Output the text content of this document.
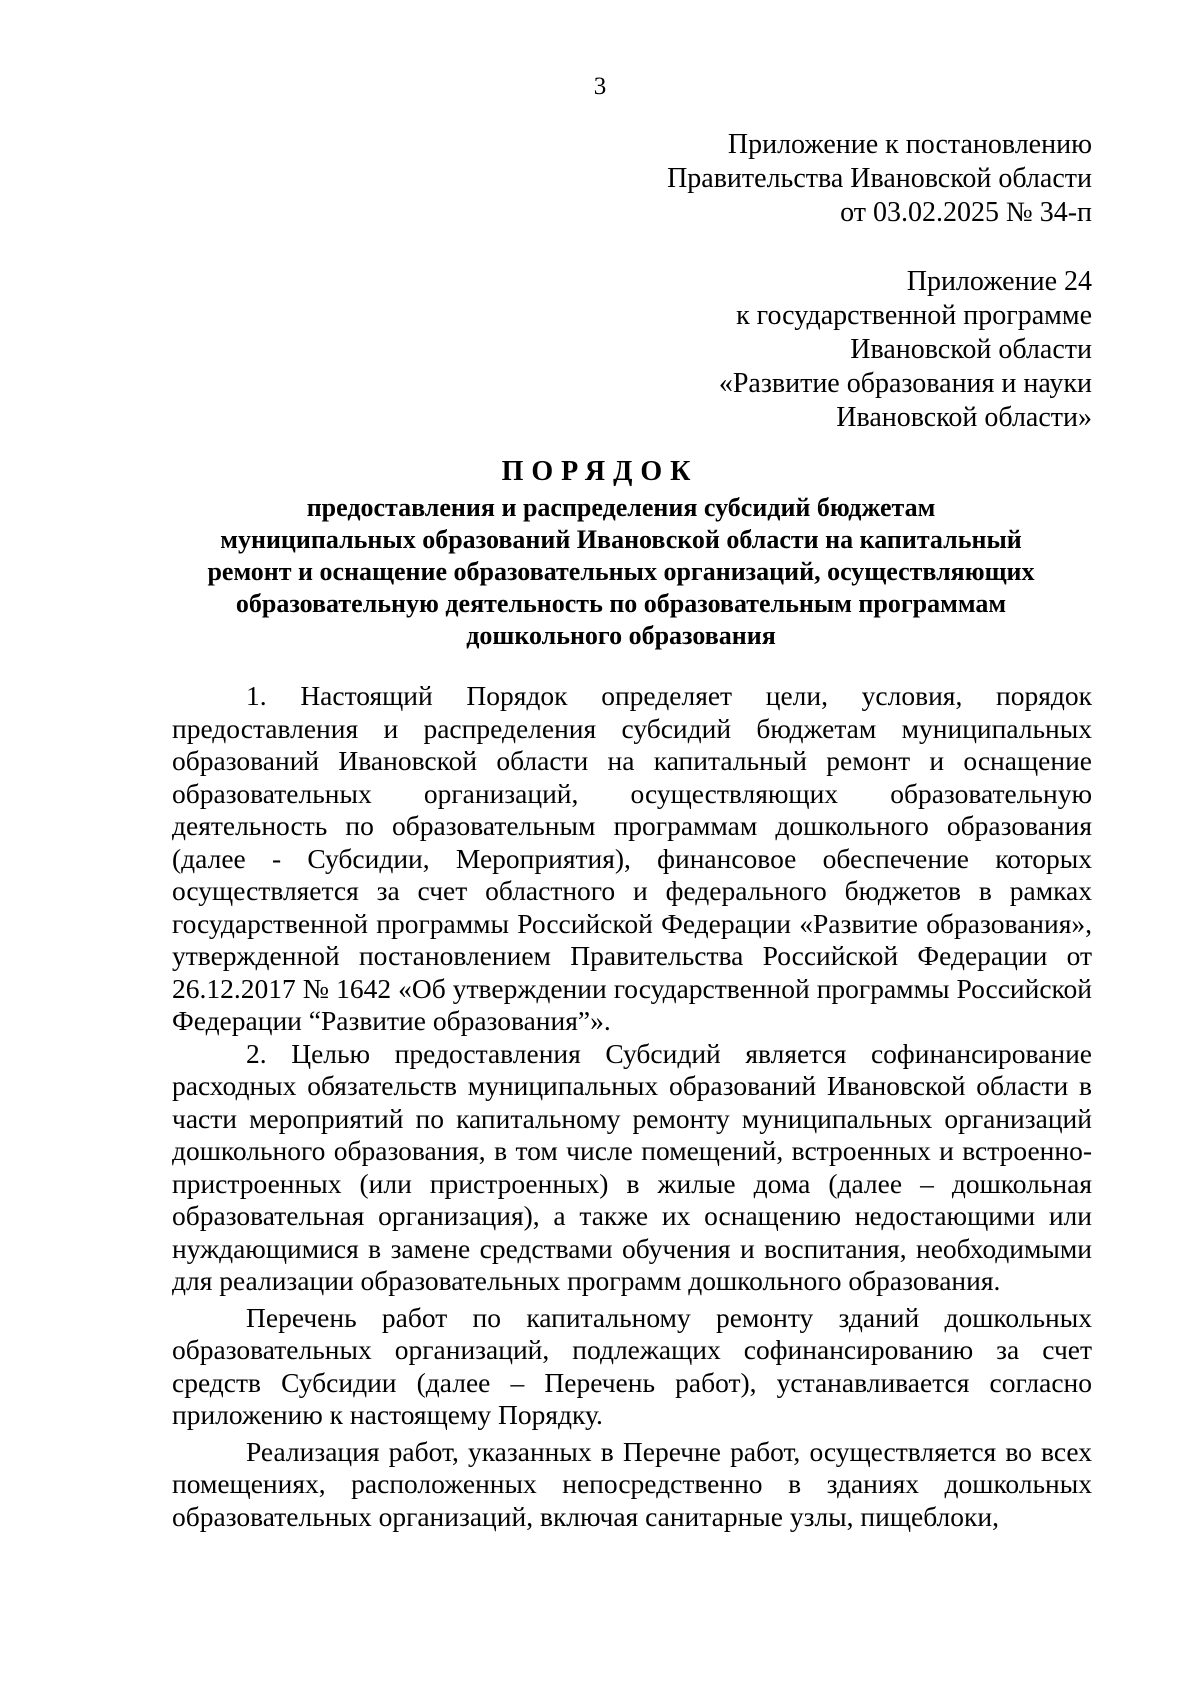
3
Приложение к постановлению
Правительства Ивановской области
от 03.02.2025 № 34-п
Приложение 24
к государственной программе
Ивановской области
«Развитие образования и науки
Ивановской области»
ПОРЯДОК
предоставления и распределения субсидий бюджетам
муниципальных образований Ивановской области на капитальный
ремонт и оснащение образовательных организаций, осуществляющих
образовательную деятельность по образовательным программам
дошкольного образования

1. Настоящий Порядок определяет цели, условия, порядок предоставления и распределения субсидий бюджетам муниципальных образований Ивановской области на капитальный ремонт и оснащение образовательных организаций, осуществляющих образовательную деятельность по образовательным программам дошкольного образования (далее - Субсидии, Мероприятия), финансовое обеспечение которых осуществляется за счет областного и федерального бюджетов в рамках государственной программы Российской Федерации «Развитие образования», утвержденной постановлением Правительства Российской Федерации от 26.12.2017 № 1642 «Об утверждении государственной программы Российской Федерации “Развитие образования”».

2. Целью предоставления Субсидий является софинансирование расходных обязательств муниципальных образований Ивановской области в части мероприятий по капитальному ремонту муниципальных организаций дошкольного образования, в том числе помещений, встроенных и встроенно-пристроенных (или пристроенных) в жилые дома (далее – дошкольная образовательная организация), а также их оснащению недостающими или нуждающимися в замене средствами обучения и воспитания, необходимыми для реализации образовательных программ дошкольного образования.

Перечень работ по капитальному ремонту зданий дошкольных образовательных организаций, подлежащих софинансированию за счет средств Субсидии (далее – Перечень работ), устанавливается согласно приложению к настоящему Порядку.

Реализация работ, указанных в Перечне работ, осуществляется во всех помещениях, расположенных непосредственно в зданиях дошкольных образовательных организаций, включая санитарные узлы, пищеблоки,
